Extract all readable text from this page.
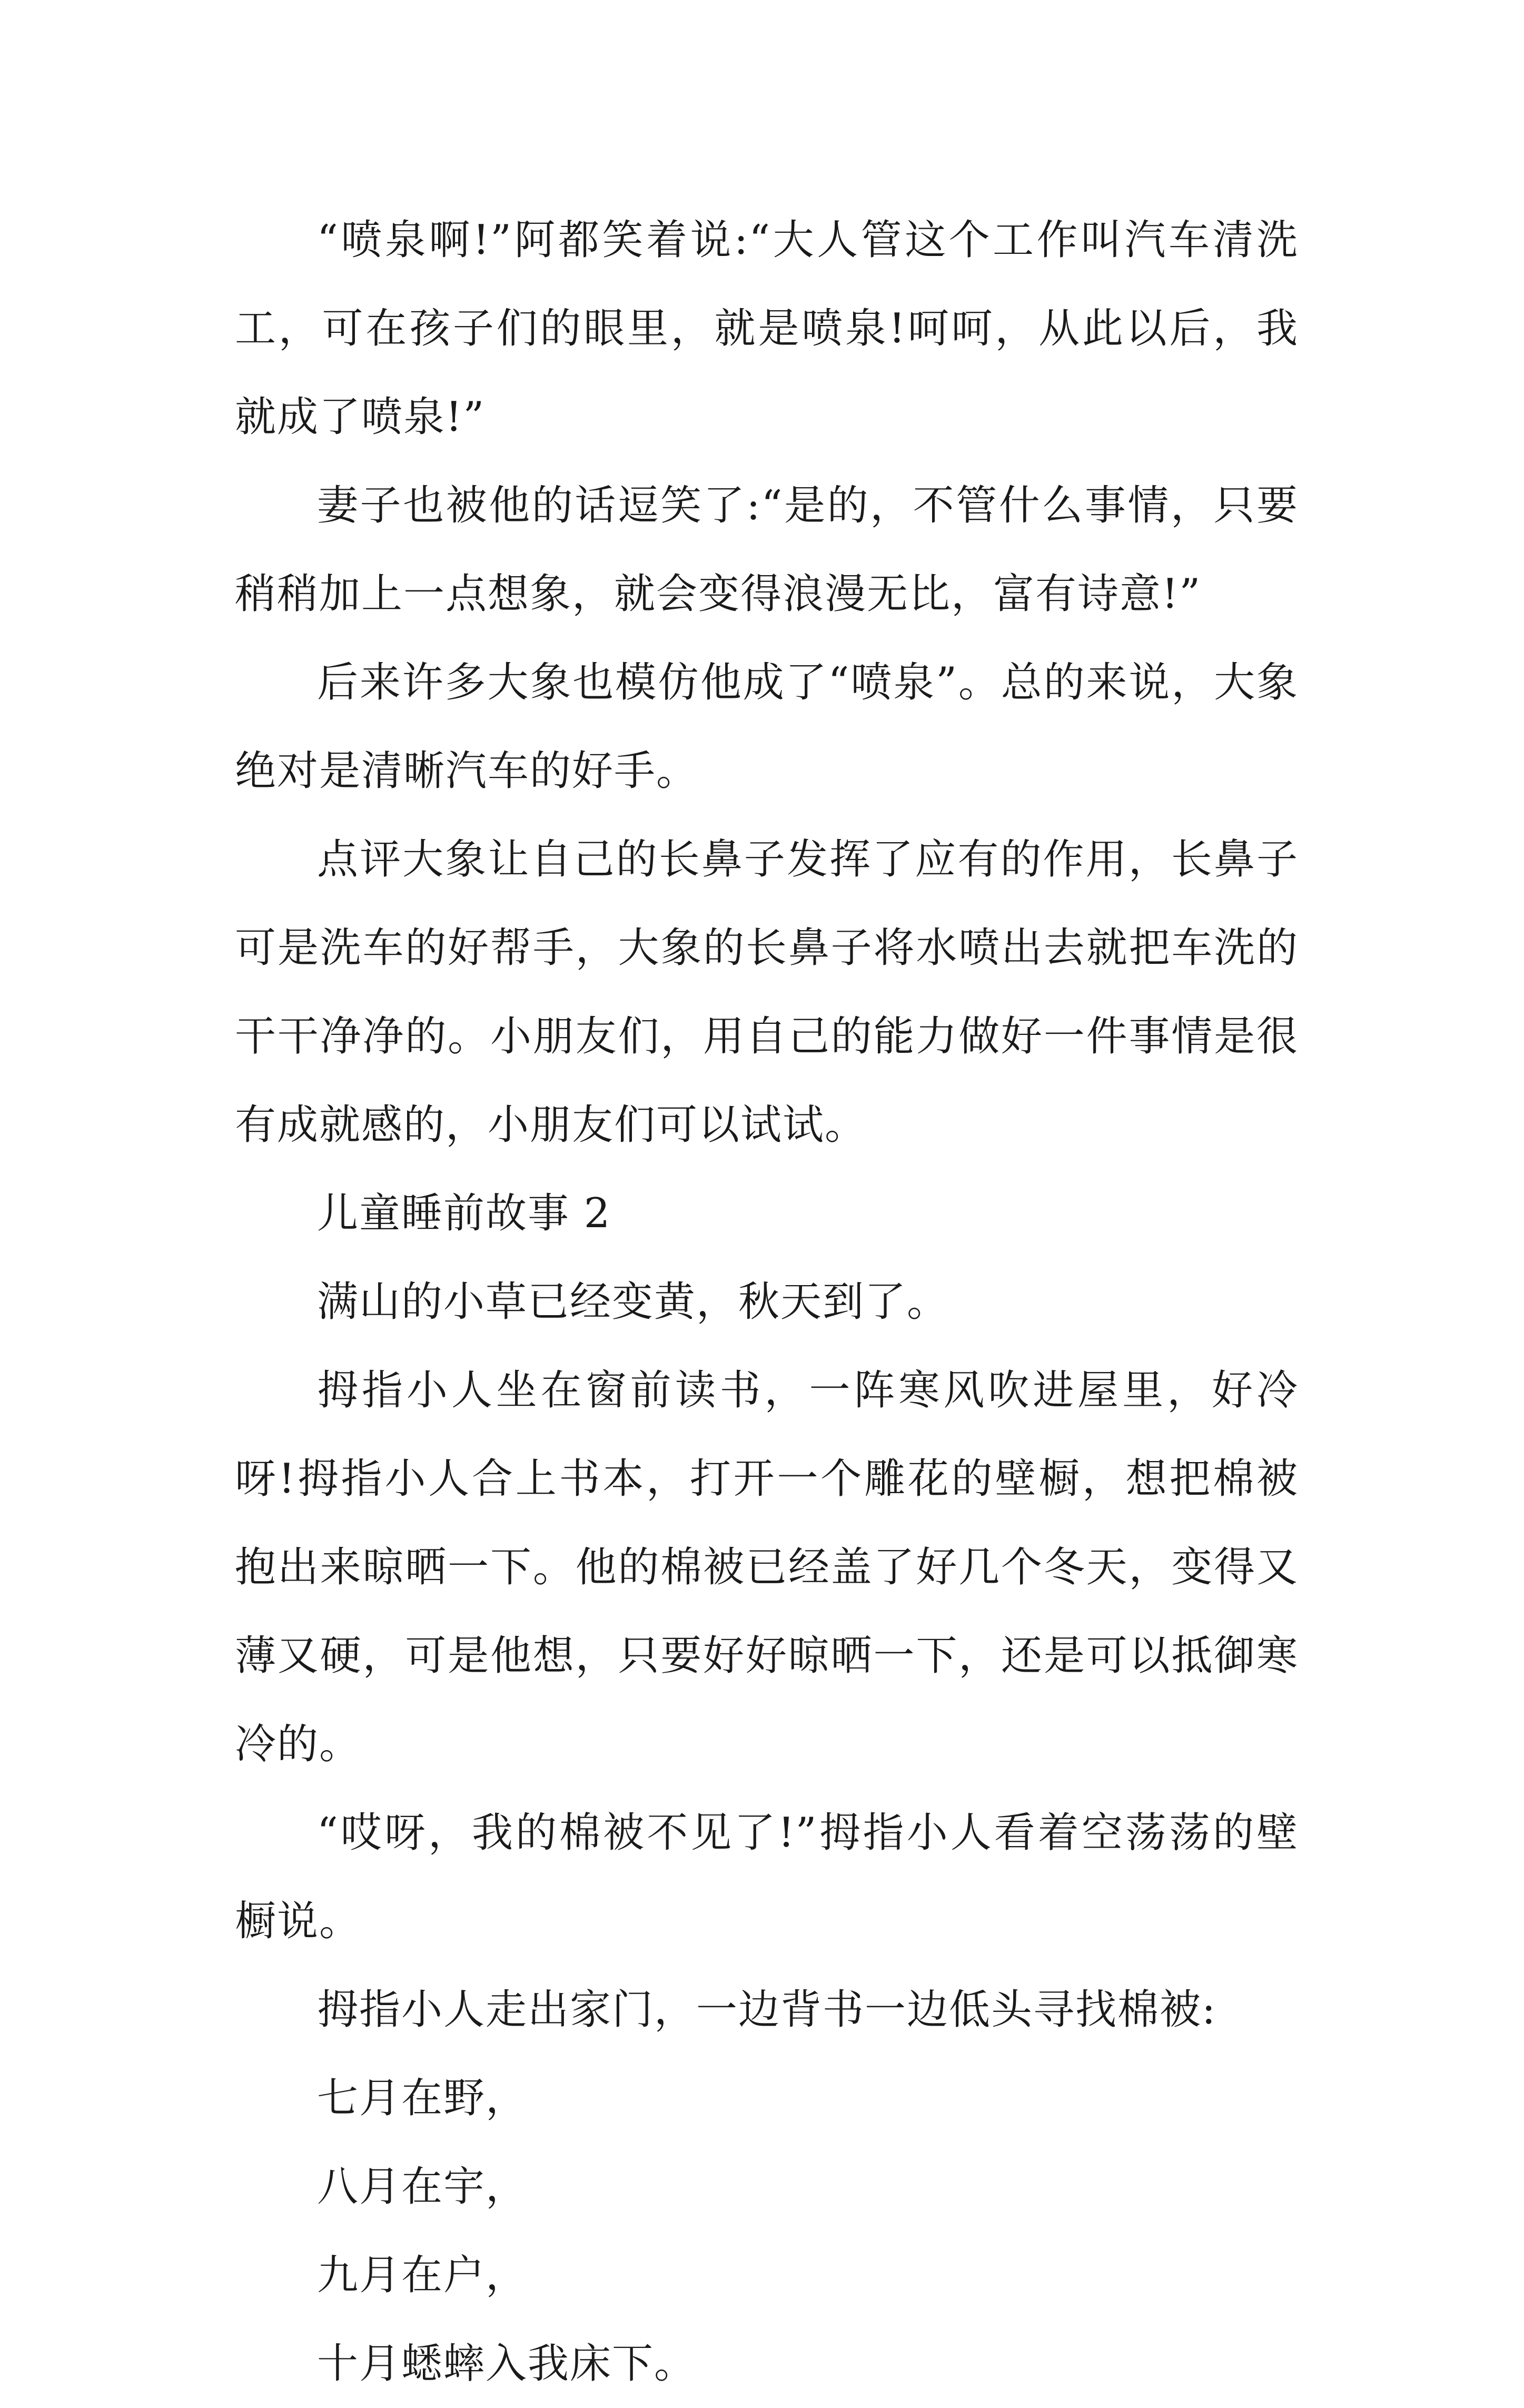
“喷泉啊!”阿都笑着说:“大人管这个工作叫汽车清洗工，可在孩子们的眼里，就是喷泉!呵呵，从此以后，我就成了喷泉!”

妻子也被他的话逗笑了:“是的，不管什么事情，只要稍稍加上一点想象，就会变得浪漫无比，富有诗意!”

后来许多大象也模仿他成了“喷泉”。总的来说，大象绝对是清晰汽车的好手。

点评大象让自己的长鼻子发挥了应有的作用，长鼻子可是洗车的好帮手，大象的长鼻子将水喷出去就把车洗的干干净净的。小朋友们，用自己的能力做好一件事情是很有成就感的，小朋友们可以试试。

儿童睡前故事 2

满山的小草已经变黄，秋天到了。

拇指小人坐在窗前读书，一阵寒风吹进屋里，好冷呀!拇指小人合上书本，打开一个雕花的壁橱，想把棉被抱出来晾晒一下。他的棉被已经盖了好几个冬天，变得又薄又硬，可是他想，只要好好晾晒一下，还是可以抵御寒冷的。

“哎呀，我的棉被不见了!”拇指小人看着空荡荡的壁橱说。

拇指小人走出家门，一边背书一边低头寻找棉被:

七月在野，

八月在宇，

九月在户，

十月蟋蟀入我床下。
